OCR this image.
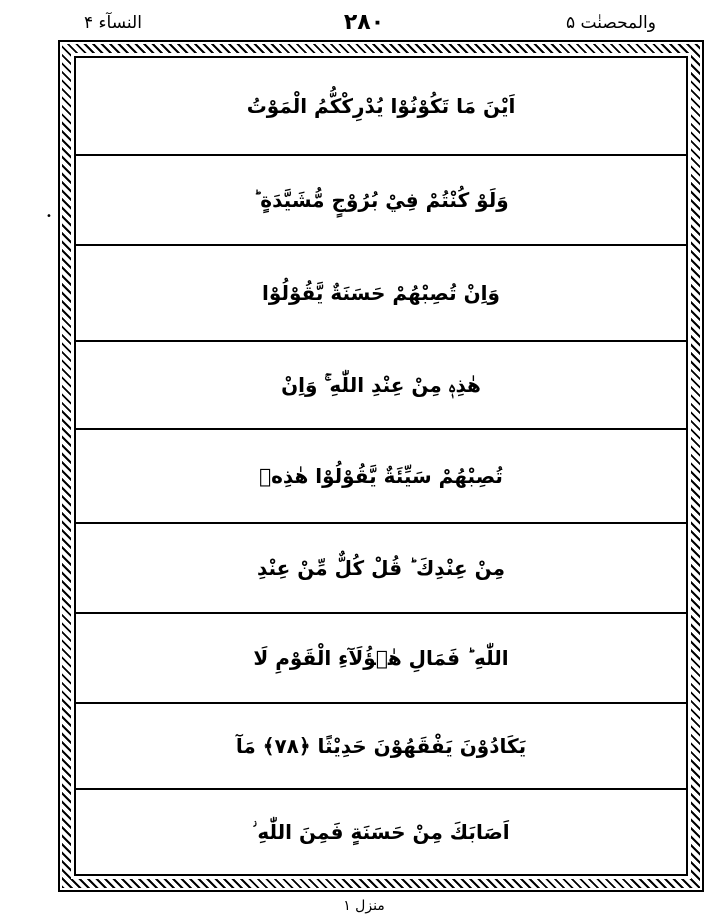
النسآء ۴	۲۸۰	والمحصنٰت ۵
•
اَيْنَ مَا تَكُوْنُوْا يُدْرِكْكُّمُ الْمَوْتُ
وَلَوْ كُنْتُمْ فِيْ بُرُوْجٍ مُّشَيَّدَةٍ ؕ
وَاِنْ تُصِبْهُمْ حَسَنَةٌ يَّقُوْلُوْا
هٰذِهٖ مِنْ عِنْدِ اللّٰهِ ۚ وَاِنْ
تُصِبْهُمْ سَيِّئَةٌ يَّقُوْلُوْا هٰذِهٖ
مِنْ عِنْدِكَ ؕ قُلْ كُلٌّ مِّنْ عِنْدِ
اللّٰهِ ؕ فَمَالِ هٰۤؤُلَآءِ الْقَوْمِ لَا
يَكَادُوْنَ يَفْقَهُوْنَ حَدِيْثًا ﴿۷۸﴾ مَآ
اَصَابَكَ مِنْ حَسَنَةٍ فَمِنَ اللّٰهِ ؗ
منزل ۱
